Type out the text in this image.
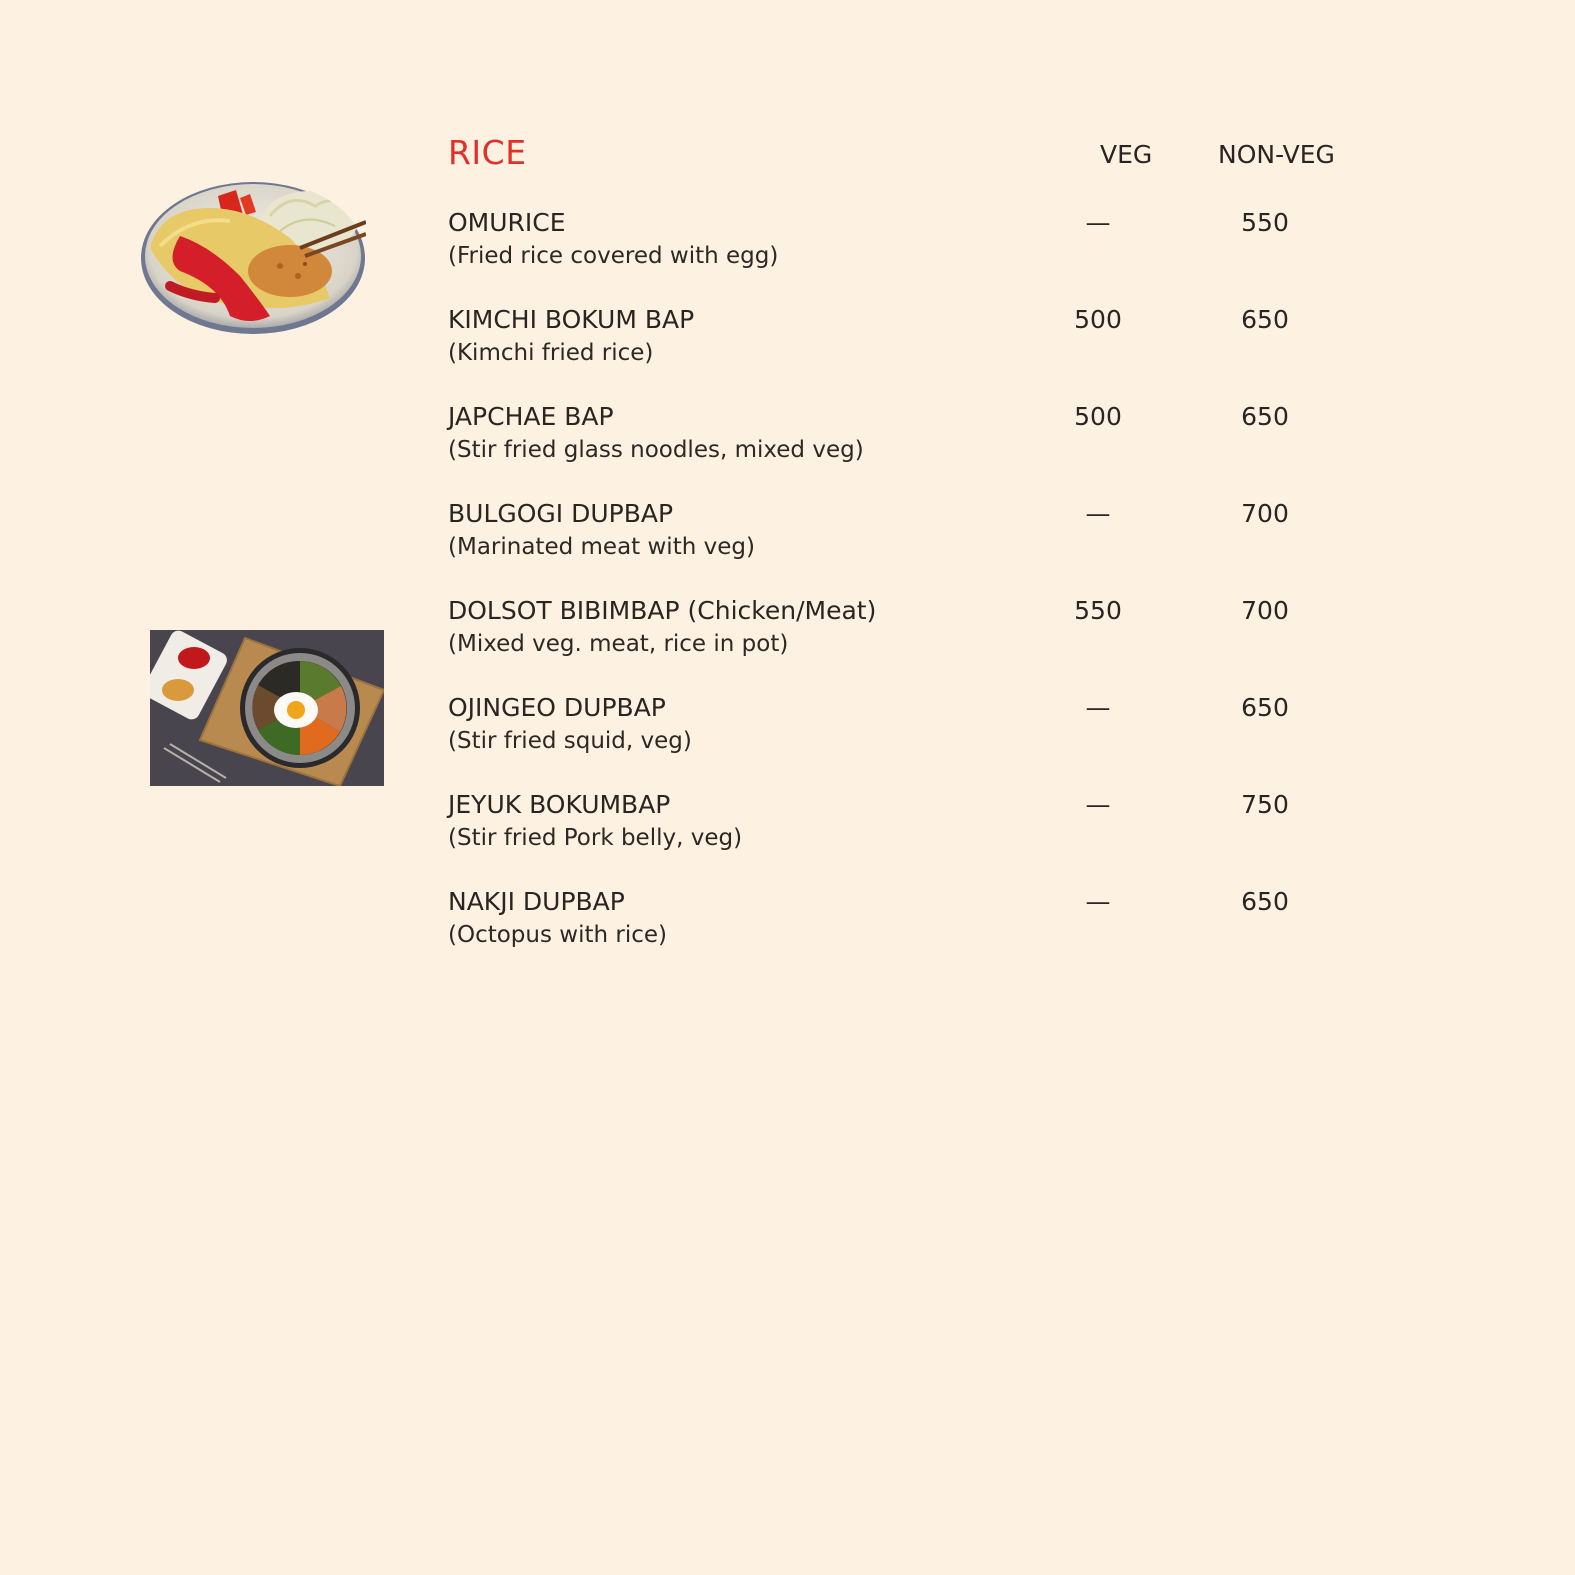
RICE	VEG	NON-VEG
OMURICE
(Fried rice covered with egg)
—	550
KIMCHI BOKUM BAP
(Kimchi fried rice)
500	650
JAPCHAE BAP
(Stir fried glass noodles, mixed veg)
500	650
BULGOGI DUPBAP
(Marinated meat with veg)
—	700
DOLSOT BIBIMBAP (Chicken/Meat)
(Mixed veg. meat, rice in pot)
550	700
OJINGEO DUPBAP
(Stir fried squid, veg)
—	650
JEYUK BOKUMBAP
(Stir fried Pork belly, veg)
—	750
NAKJI DUPBAP
(Octopus with rice)
—	650
